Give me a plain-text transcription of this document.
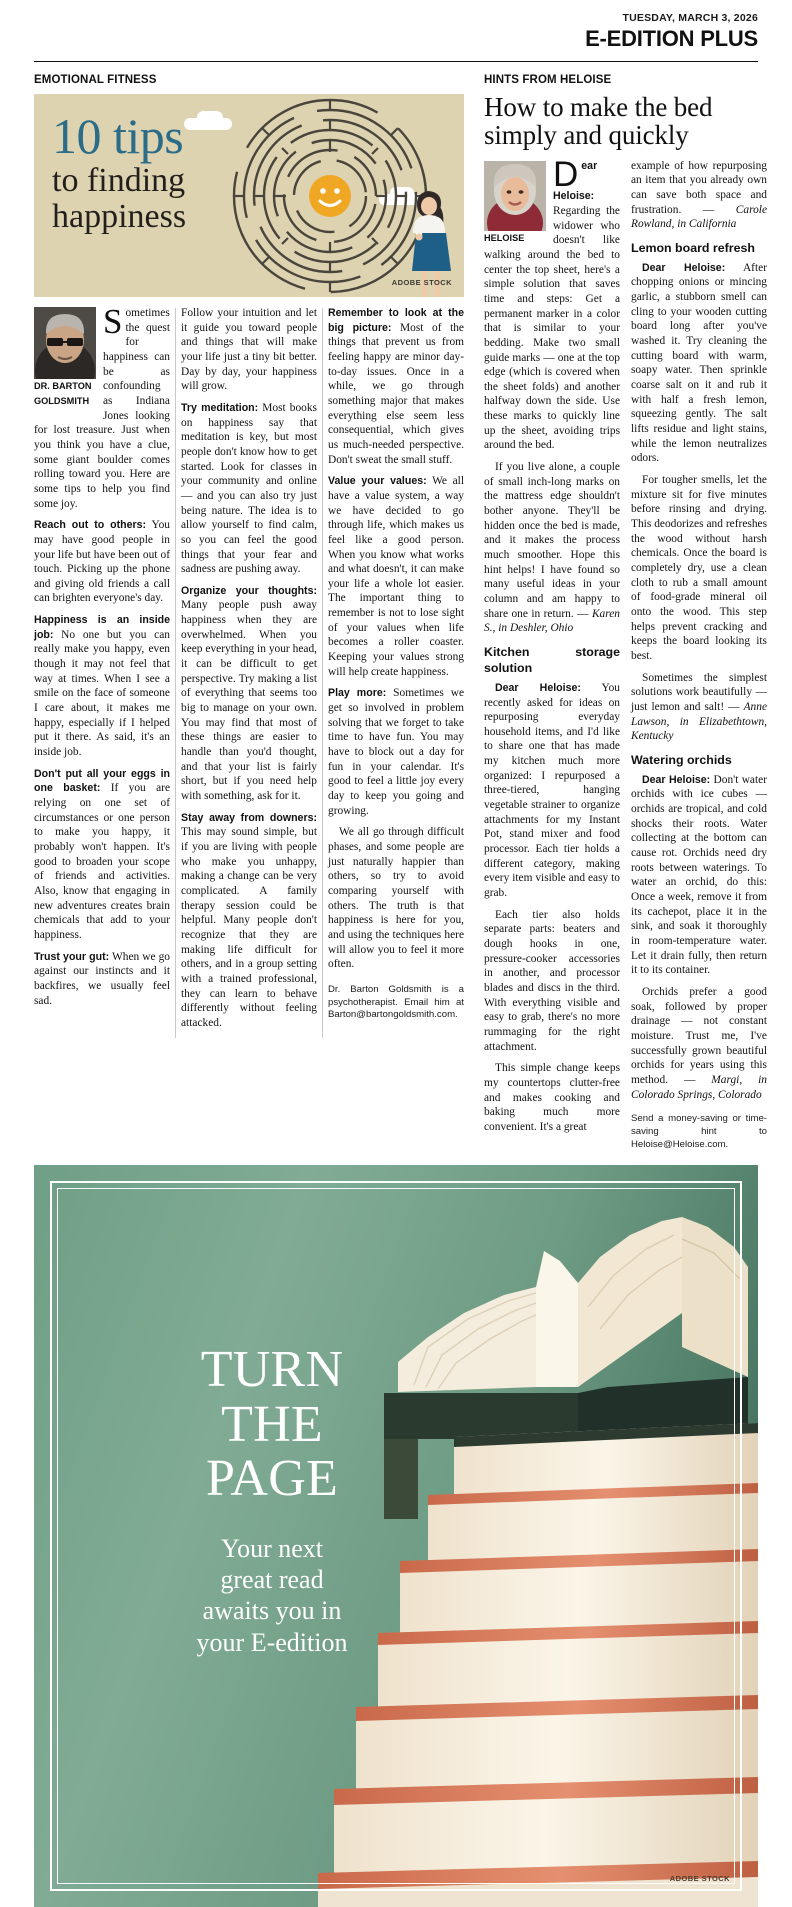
TUESDAY, MARCH 3, 2026
E-EDITION PLUS
EMOTIONAL FITNESS
10 tips
to finding
happiness
ADOBE STOCK

DR. BARTON
GOLDSMITH
Sometimes the quest for happiness can be as confounding as Indiana Jones looking for lost treasure. Just when you think you have a clue, some giant boulder comes rolling toward you. Here are some tips to help you find some joy.

Reach out to others: You may have good people in your life but have been out of touch. Picking up the phone and giving old friends a call can brighten everyone's day.

Happiness is an inside job: No one but you can really make you happy, even though it may not feel that way at times. When I see a smile on the face of someone I care about, it makes me happy, especially if I helped put it there. As said, it's an inside job.

Don't put all your eggs in one basket: If you are relying on one set of circumstances or one person to make you happy, it probably won't happen. It's good to broaden your scope of friends and activities. Also, know that engaging in new adventures creates brain chemicals that add to your happiness.

Trust your gut: When we go against our instincts and it backfires, we usually feel sad.

Follow your intuition and let it guide you toward people and things that will make your life just a tiny bit better. Day by day, your happiness will grow.

Try meditation: Most books on happiness say that meditation is key, but most people don't know how to get started. Look for classes in your community and online — and you can also try just being nature. The idea is to allow yourself to find calm, so you can feel the good things that your fear and sadness are pushing away.

Organize your thoughts: Many people push away happiness when they are overwhelmed. When you keep everything in your head, it can be difficult to get perspective. Try making a list of everything that seems too big to manage on your own. You may find that most of these things are easier to handle than you'd thought, and that your list is fairly short, but if you need help with something, ask for it.

Stay away from downers: This may sound simple, but if you are living with people who make you unhappy, making a change can be very complicated. A family therapy session could be helpful. Many people don't recognize that they are making life difficult for others, and in a group setting with a trained professional, they can learn to behave differently without feeling attacked.

Remember to look at the big picture: Most of the things that prevent us from feeling happy are minor day-to-day issues. Once in a while, we go through something major that makes everything else seem less consequential, which gives us much-needed perspective. Don't sweat the small stuff.

Value your values: We all have a value system, a way we have decided to go through life, which makes us feel like a good person. When you know what works and what doesn't, it can make your life a whole lot easier. The important thing to remember is not to lose sight of your values when life becomes a roller coaster. Keeping your values strong will help create happiness.

Play more: Sometimes we get so involved in problem solving that we forget to take time to have fun. You may have to block out a day for fun in your calendar. It's good to feel a little joy every day to keep you going and growing.

We all go through difficult phases, and some people are just naturally happier than others, so try to avoid comparing yourself with others. The truth is that happiness is here for you, and using the techniques here will allow you to feel it more often.

Dr. Barton Goldsmith is a psychotherapist. Email him at Barton@bartongoldsmith.com.
HINTS FROM HELOISE
How to make the bed
simply and quickly

HELOISE
Dear Heloise: Regarding the widower who doesn't like walking around the bed to center the top sheet, here's a simple solution that saves time and steps: Get a permanent marker in a color that is similar to your bedding. Make two small guide marks — one at the top edge (which is covered when the sheet folds) and another halfway down the side. Use these marks to quickly line up the sheet, avoiding trips around the bed.

If you live alone, a couple of small inch-long marks on the mattress edge shouldn't bother anyone. They'll be hidden once the bed is made, and it makes the process much smoother. Hope this hint helps! I have found so many useful ideas in your column and am happy to share one in return. — Karen S., in Deshler, Ohio

Kitchen storage solution

Dear Heloise: You recently asked for ideas on repurposing everyday household items, and I'd like to share one that has made my kitchen much more organized: I repurposed a three-tiered, hanging vegetable strainer to organize attachments for my Instant Pot, stand mixer and food processor. Each tier holds a different category, making every item visible and easy to grab.

Each tier also holds separate parts: beaters and dough hooks in one, pressure-cooker accessories in another, and processor blades and discs in the third. With everything visible and easy to grab, there's no more rummaging for the right attachment.

This simple change keeps my countertops clutter-free and makes cooking and baking much more convenient. It's a great

example of how repurposing an item that you already own can save both space and frustration. — Carole Rowland, in California

Lemon board refresh

Dear Heloise: After chopping onions or mincing garlic, a stubborn smell can cling to your wooden cutting board long after you've washed it. Try cleaning the cutting board with warm, soapy water. Then sprinkle coarse salt on it and rub it with half a fresh lemon, squeezing gently. The salt lifts residue and light stains, while the lemon neutralizes odors.

For tougher smells, let the mixture sit for five minutes before rinsing and drying. This deodorizes and refreshes the wood without harsh chemicals. Once the board is completely dry, use a clean cloth to rub a small amount of food-grade mineral oil onto the wood. This step helps prevent cracking and keeps the board looking its best.

Sometimes the simplest solutions work beautifully — just lemon and salt! — Anne Lawson, in Elizabethtown, Kentucky

Watering orchids

Dear Heloise: Don't water orchids with ice cubes — orchids are tropical, and cold shocks their roots. Water collecting at the bottom can cause rot. Orchids need dry roots between waterings. To water an orchid, do this: Once a week, remove it from its cachepot, place it in the sink, and soak it thoroughly in room-temperature water. Let it drain fully, then return it to its container.

Orchids prefer a good soak, followed by proper drainage — not constant moisture. Trust me, I've successfully grown beautiful orchids for years using this method. — Margi, in Colorado Springs, Colorado

Send a money-saving or time-saving hint to Heloise@Heloise.com.
TURN
THE
PAGE
Your next
great read
awaits you in
your E-edition
ADOBE STOCK
